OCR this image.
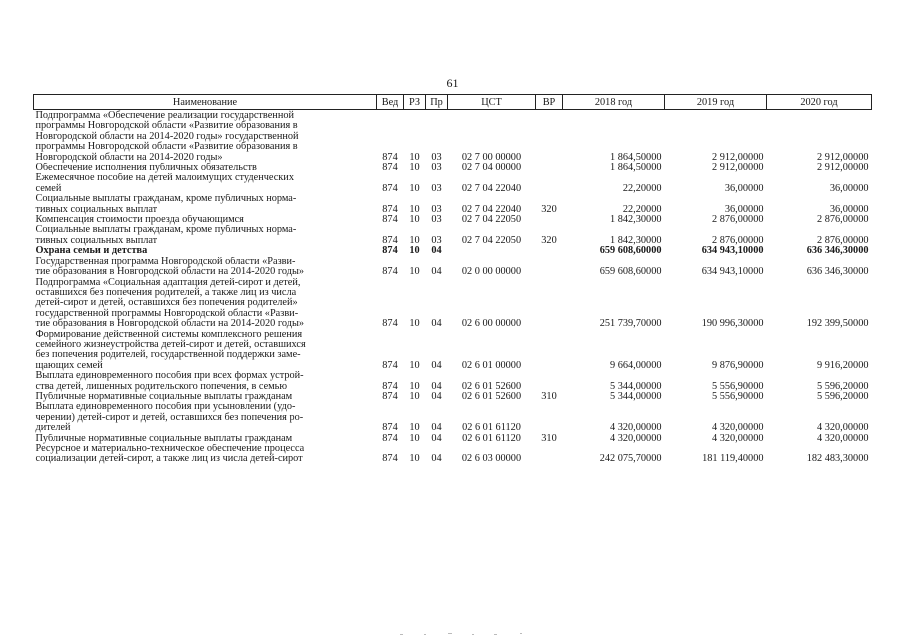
61
Наименование	Вед	РЗ	Пр	ЦСТ	ВР	2018 год	2019 год	2020 год
Подпрограмма «Обеспечение реализации государственной
программы Новгородской области «Развитие образования в
Новгородской области на 2014-2020 годы» государственной
программы Новгородской области «Развитие образования в
Новгородской области на 2014-2020 годы»	874	10	03	02 7 00 00000		1 864,50000	2 912,00000	2 912,00000
Обеспечение исполнения публичных обязательств	874	10	03	02 7 04 00000		1 864,50000	2 912,00000	2 912,00000
Ежемесячное пособие на детей малоимущих студенческих
семей	874	10	03	02 7 04 22040		22,20000	36,00000	36,00000
Социальные выплаты гражданам, кроме публичных норма-
тивных социальных выплат	874	10	03	02 7 04 22040	320	22,20000	36,00000	36,00000
Компенсация стоимости проезда обучающимся	874	10	03	02 7 04 22050		1 842,30000	2 876,00000	2 876,00000
Социальные выплаты гражданам, кроме публичных норма-
тивных социальных выплат	874	10	03	02 7 04 22050	320	1 842,30000	2 876,00000	2 876,00000
Охрана семьи и детства	874	10	04			659 608,60000	634 943,10000	636 346,30000
Государственная программа Новгородской области «Разви-
тие образования в Новгородской области на 2014-2020 годы»	874	10	04	02 0 00 00000		659 608,60000	634 943,10000	636 346,30000
Подпрограмма «Социальная адаптация детей-сирот и детей,
оставшихся без попечения родителей, а также лиц из числа
детей-сирот и детей, оставшихся без попечения родителей»
государственной программы Новгородской области «Разви-
тие образования в Новгородской области на 2014-2020 годы»	874	10	04	02 6 00 00000		251 739,70000	190 996,30000	192 399,50000
Формирование действенной системы комплексного решения
семейного жизнеустройства детей-сирот и детей, оставшихся
без попечения родителей, государственной поддержки заме-
щающих семей	874	10	04	02 6 01 00000		9 664,00000	9 876,90000	9 916,20000
Выплата единовременного пособия при всех формах устрой-
ства детей, лишенных родительского попечения, в семью	874	10	04	02 6 01 52600		5 344,00000	5 556,90000	5 596,20000
Публичные нормативные социальные выплаты гражданам	874	10	04	02 6 01 52600	310	5 344,00000	5 556,90000	5 596,20000
Выплата единовременного пособия при усыновлении (удо-
черении) детей-сирот и детей, оставшихся без попечения ро-
дителей	874	10	04	02 6 01 61120		4 320,00000	4 320,00000	4 320,00000
Публичные нормативные социальные выплаты гражданам	874	10	04	02 6 01 61120	310	4 320,00000	4 320,00000	4 320,00000
Ресурсное и материально-техническое обеспечение процесса
социализации детей-сирот, а также лиц из числа детей-сирот	874	10	04	02 6 03 00000		242 075,70000	181 119,40000	182 483,30000
